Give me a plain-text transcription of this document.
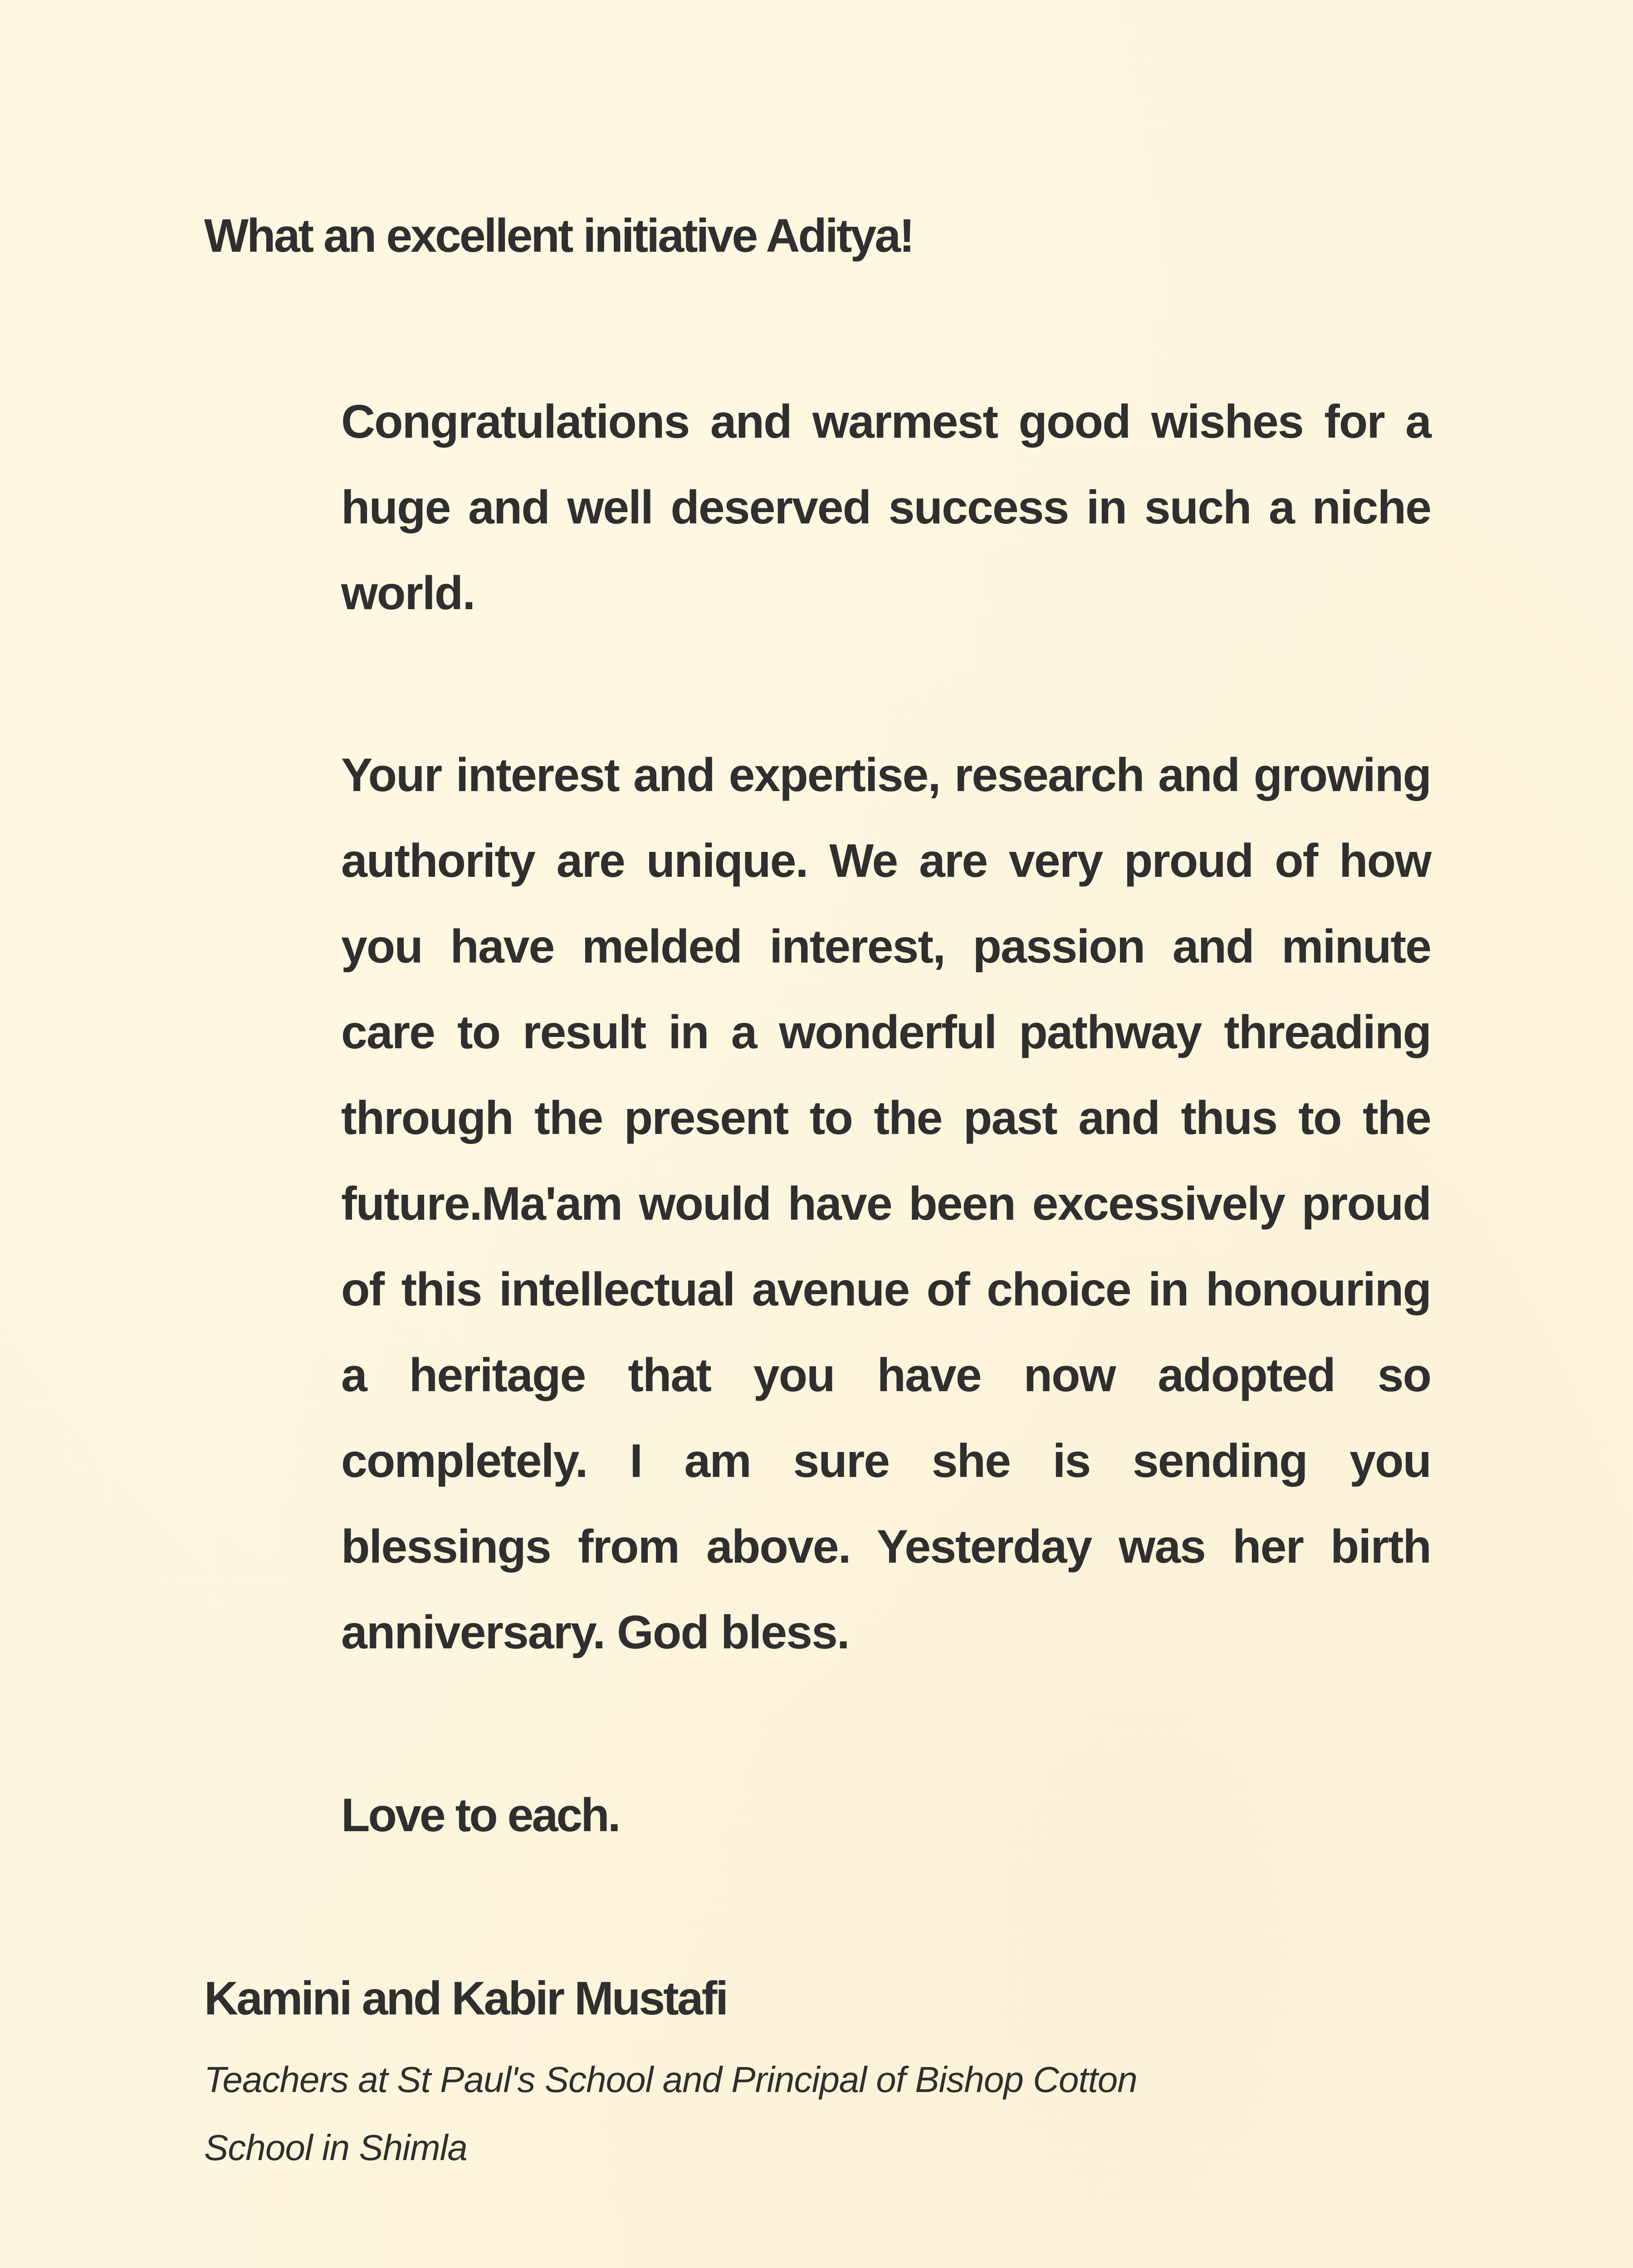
What an excellent initiative Aditya!

Congratulations and warmest good wishes for a huge and well deserved success in such a niche world.

Your interest and expertise, research and growing authority are unique. We are very proud of how you have melded interest, passion and minute care to result in a wonderful pathway threading through the present to the past and thus to the future.Ma'am would have been excessively proud of this intellectual avenue of choice in honouring a heritage that you have now adopted so completely. I am sure she is sending you blessings from above. Yesterday was her birth anniversary. God bless.

Love to each.

Kamini and Kabir Mustafi

Teachers at St Paul's School and Principal of Bishop Cotton School in Shimla
